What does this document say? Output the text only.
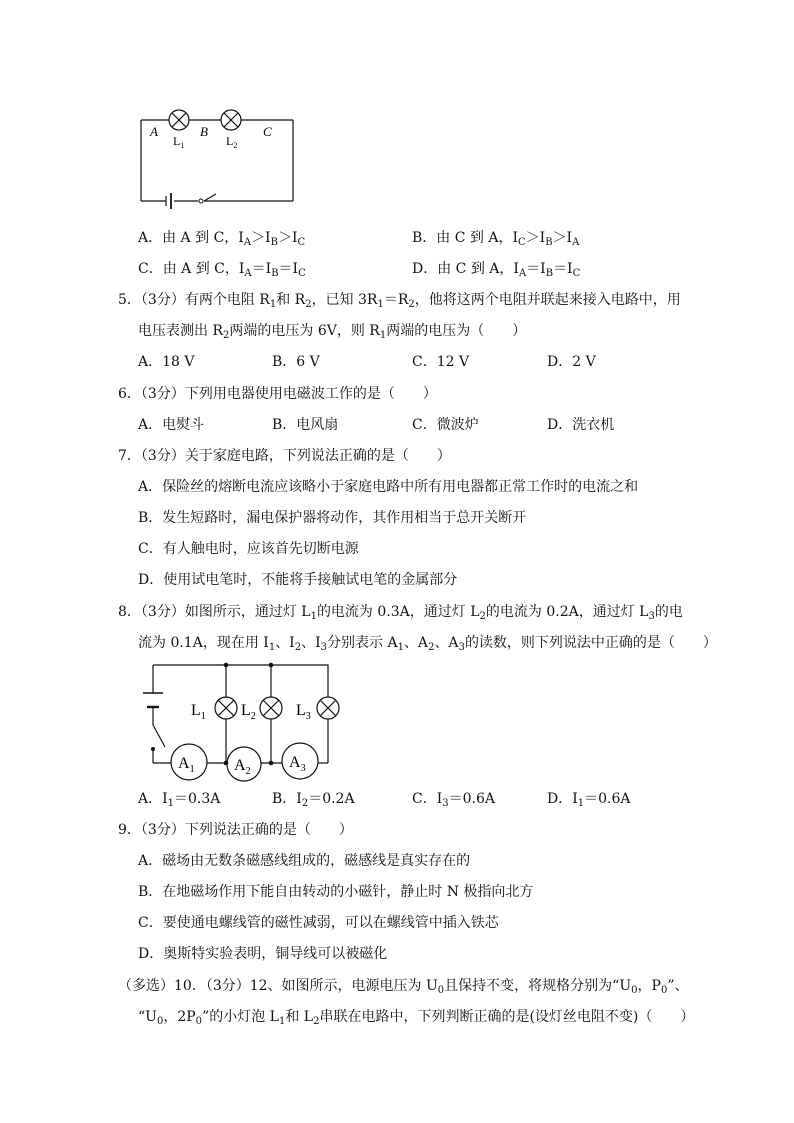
A	B	C
$L_1$	$L_2$
A．由 A 到 C，$I_A>I_B>I_C$	B．由 C 到 A，$I_C>I_B>I_A$
C．由 A 到 C，$I_A=I_B=I_C$	D．由 C 到 A，$I_A=I_B=I_C$
5．（3分）有两个电阻 $R_1$和 $R_2$，已知 $3R_1=R_2$，他将这两个电阻并联起来接入电路中，用
电压表测出 $R_2$两端的电压为 6V，则 $R_1$两端的电压为（　　）
A．18 V	B．6 V	C．12 V	D．2 V
6．（3分）下列用电器使用电磁波工作的是（　　）
A．电熨斗	B．电风扇	C．微波炉	D．洗衣机
7．（3分）关于家庭电路，下列说法正确的是（　　）
A．保险丝的熔断电流应该略小于家庭电路中所有用电器都正常工作时的电流之和
B．发生短路时，漏电保护器将动作，其作用相当于总开关断开
C．有人触电时，应该首先切断电源
D．使用试电笔时，不能将手接触试电笔的金属部分
8．（3分）如图所示，通过灯 $L_1$的电流为 0.3A，通过灯 $L_2$的电流为 0.2A，通过灯 $L_3$的电
流为 0.1A，现在用 $I_1$、$I_2$、$I_3$分别表示 $A_1$、$A_2$、$A_3$的读数，则下列说法中正确的是（　　）
$L_1$ $L_2$	$L_3$
$A_1$ $A_2$
$A_3$
A．$I_1=0.3A$	B．$I_2=0.2A$	C．$I_3=0.6A$	D．$I_1=0.6A$
9．（3分）下列说法正确的是（　　）
A．磁场由无数条磁感线组成的，磁感线是真实存在的
B．在地磁场作用下能自由转动的小磁针，静止时 N 极指向北方
C．要使通电螺线管的磁性减弱，可以在螺线管中插入铁芯
D．奥斯特实验表明，铜导线可以被磁化
（多选）10．（3分）12、如图所示，电源电压为 $U_0$且保持不变，将规格分别为“$U_0$，$P_0$”、
“$U_0$，$2P_0$”的小灯泡 $L_1$和 $L_2$串联在电路中，下列判断正确的是(设灯丝电阻不变)（　　）
